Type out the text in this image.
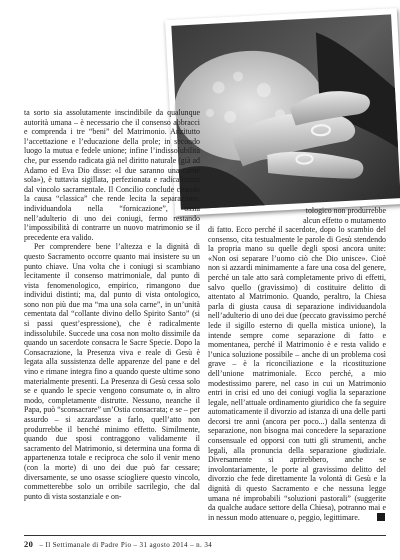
ta sorto sia assolutamente inscindibile da qualunque autorità umana – è necessario che il consenso abbracci e comprenda i tre “beni” del Matrimonio. Anzitutto l’accettazione e l’educazione della prole; in secondo luogo la mutua e fedele unione; infine l’indissolubilità che, pur essendo radicata già nel diritto naturale (già ad Adamo ed Eva Dio disse: «I due saranno una carne sola»), è tuttavia sigillata, perfezionata e radicalizzata dal vincolo sacramentale. Il Concilio conclude citando la causa “classica” che rende lecita la separazione, individuandola nella “fornicazione”, ossia nell’adulterio di uno dei coniugi, fermo restando l’impossibilità di contrarre un nuovo matrimonio se il precedente era valido.

Per comprendere bene l’altezza e la dignità di questo Sacramento occorre quanto mai insistere su un punto chiave. Una volta che i coniugi si scambiano lecitamente il consenso matrimoniale, dal punto di vista fenomenologico, empirico, rimangono due individui distinti; ma, dal punto di vista ontologico, sono non più due ma “ma una sola carne”, in un’unità cementata dal “collante divino dello Spirito Santo” (si si passi quest’espressione), che è radicalmente indissolubile. Succede una cosa non molto dissimile da quando un sacerdote consacra le Sacre Specie. Dopo la Consacrazione, la Presenza viva e reale di Gesù è legata alla sussistenza delle apparenze del pane e del vino e rimane integra fino a quando queste ultime sono materialmente presenti. La Presenza di Gesù cessa solo se e quando le specie vengono consumate o, in altro modo, completamente distrutte. Nessuno, neanche il Papa, può “sconsacrare” un’Ostia consacrata; e se – per assurdo – si azzardasse a farlo, quell’atto non produrrebbe il benché minimo effetto. Similmente, quando due sposi contraggono validamente il sacramento del Matrimonio, si determina una forma di appartenenza totale e reciproca che solo il venir meno (con la morte) di uno dei due può far cessare; diversamente, se uno osasse scioglierе questo vincolo, commetterebbe solo un orribile sacrilegio, che dal punto di vista sostanziale e on-

tologico non produrrebbe alcun effetto o mutamento

di fatto. Ecco perché il sacerdote, dopo lo scambio del consenso, cita testualmente le parole di Gesù stendendo la propria mano su quelle degli sposi ancora unite: «Non osi separare l’uomo ciò che Dio unisce». Cioè non si azzardi minimamente a fare una cosa del genere, perché un tale atto sarà completamente privo di effetti, salvo quello (gravissimo) di costituire delitto di attentato al Matrimonio. Quando, peraltro, la Chiesa parla di giusta causa di separazione individuandola nell’adulterio di uno dei due (peccato gravissimo perché lede il sigillo esterno di quella mistica unione), la intende sempre come separazione di fatto e momentanea, perché il Matrimonio è e resta valido e l’unica soluzione possibile – anche di un problema così grave – è la riconciliazione e la ricostituzione dell’unione matrimoniale. Ecco perché, a mio modestissimo parere, nel caso in cui un Matrimonio entri in crisi ed uno dei coniugi voglia la separazione legale, nell’attuale ordinamento giuridico che fa seguire automaticamente il divorzio ad istanza di una delle parti decorsi tre anni (ancora per poco...) dalla sentenza di separazione, non bisogna mai concedere la separazione consensuale ed opporsi con tutti gli strumenti, anche legali, alla pronuncia della separazione giudiziale. Diversamente si aprirebbero, anche se involontariamente, le porte al gravissimo delitto del divorzio che fede direttamente la volontà di Gesù e la dignità di questo Sacramento e che nessuna legge umana né improbabili “soluzioni pastorali” (suggerite da qualche audace settore della Chiesa), potranno mai e in nessun modo attenuare o, peggio, legittimare.

20 – Il Settimanale di Padre Pio – 31 agosto 2014 – n. 34
